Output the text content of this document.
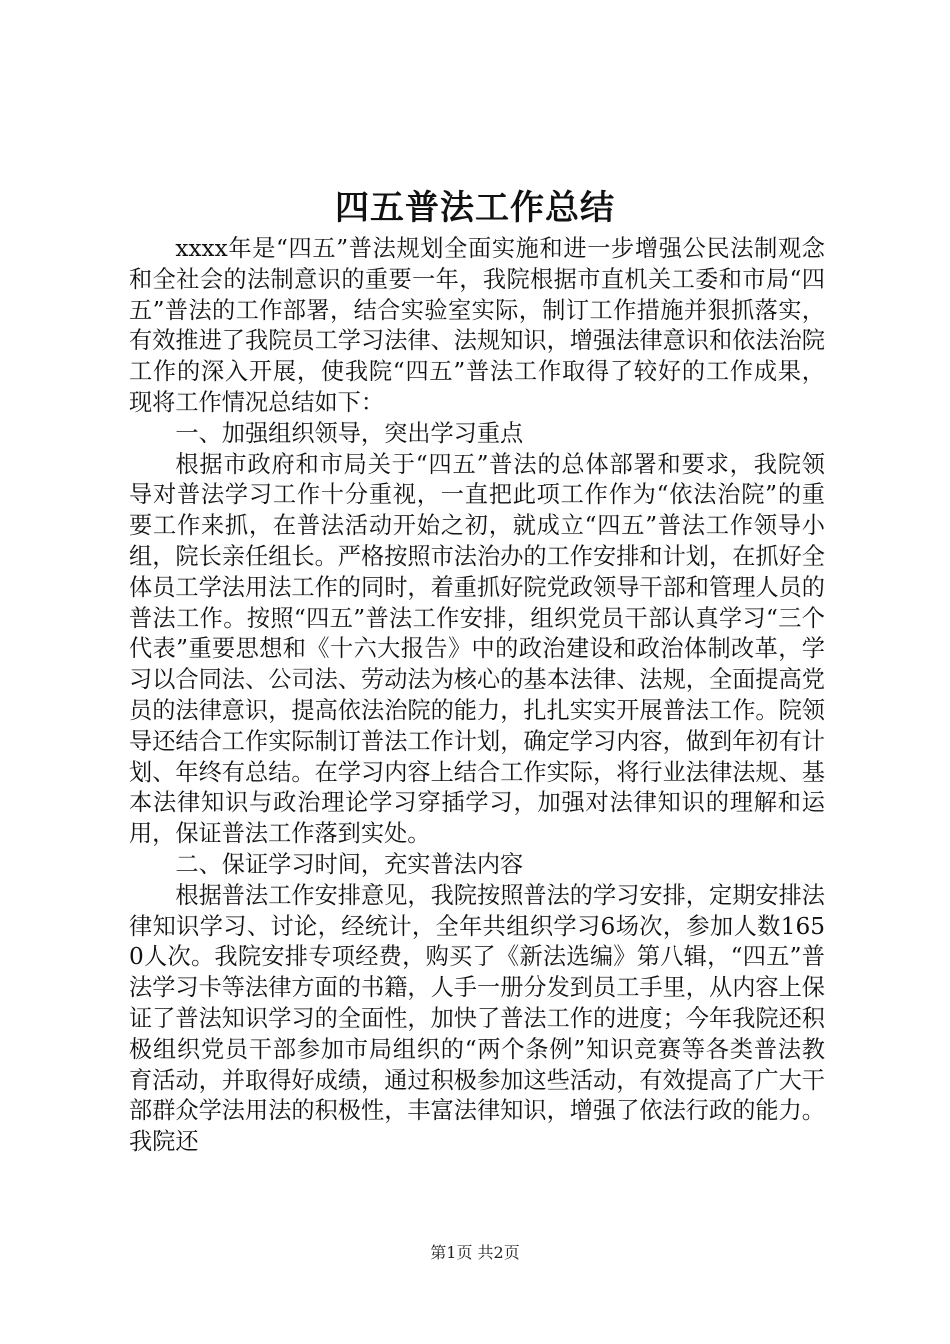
四五普法工作总结

xxxx年是“四五”普法规划全面实施和进一步增强公民法制观念和全社会的法制意识的重要一年，我院根据市直机关工委和市局“四五”普法的工作部署，结合实验室实际，制订工作措施并狠抓落实，有效推进了我院员工学习法律、法规知识，增强法律意识和依法治院工作的深入开展，使我院“四五”普法工作取得了较好的工作成果，现将工作情况总结如下：

一、加强组织领导，突出学习重点

根据市政府和市局关于“四五”普法的总体部署和要求，我院领导对普法学习工作十分重视，一直把此项工作作为“依法治院”的重要工作来抓，在普法活动开始之初，就成立“四五”普法工作领导小组，院长亲任组长。严格按照市法治办的工作安排和计划，在抓好全体员工学法用法工作的同时，着重抓好院党政领导干部和管理人员的普法工作。按照“四五”普法工作安排，组织党员干部认真学习“三个代表”重要思想和《十六大报告》中的政治建设和政治体制改革，学习以合同法、公司法、劳动法为核心的基本法律、法规，全面提高党员的法律意识，提高依法治院的能力，扎扎实实开展普法工作。院领导还结合工作实际制订普法工作计划，确定学习内容，做到年初有计划、年终有总结。在学习内容上结合工作实际，将行业法律法规、基本法律知识与政治理论学习穿插学习，加强对法律知识的理解和运用，保证普法工作落到实处。

二、保证学习时间，充实普法内容

根据普法工作安排意见，我院按照普法的学习安排，定期安排法律知识学习、讨论，经统计，全年共组织学习6场次，参加人数1650人次。我院安排专项经费，购买了《新法选编》第八辑，“四五”普法学习卡等法律方面的书籍，人手一册分发到员工手里，从内容上保证了普法知识学习的全面性，加快了普法工作的进度；今年我院还积极组织党员干部参加市局组织的“两个条例”知识竞赛等各类普法教育活动，并取得好成绩，通过积极参加这些活动，有效提高了广大干部群众学法用法的积极性，丰富法律知识，增强了依法行政的能力。我院还

第1页 共2页
